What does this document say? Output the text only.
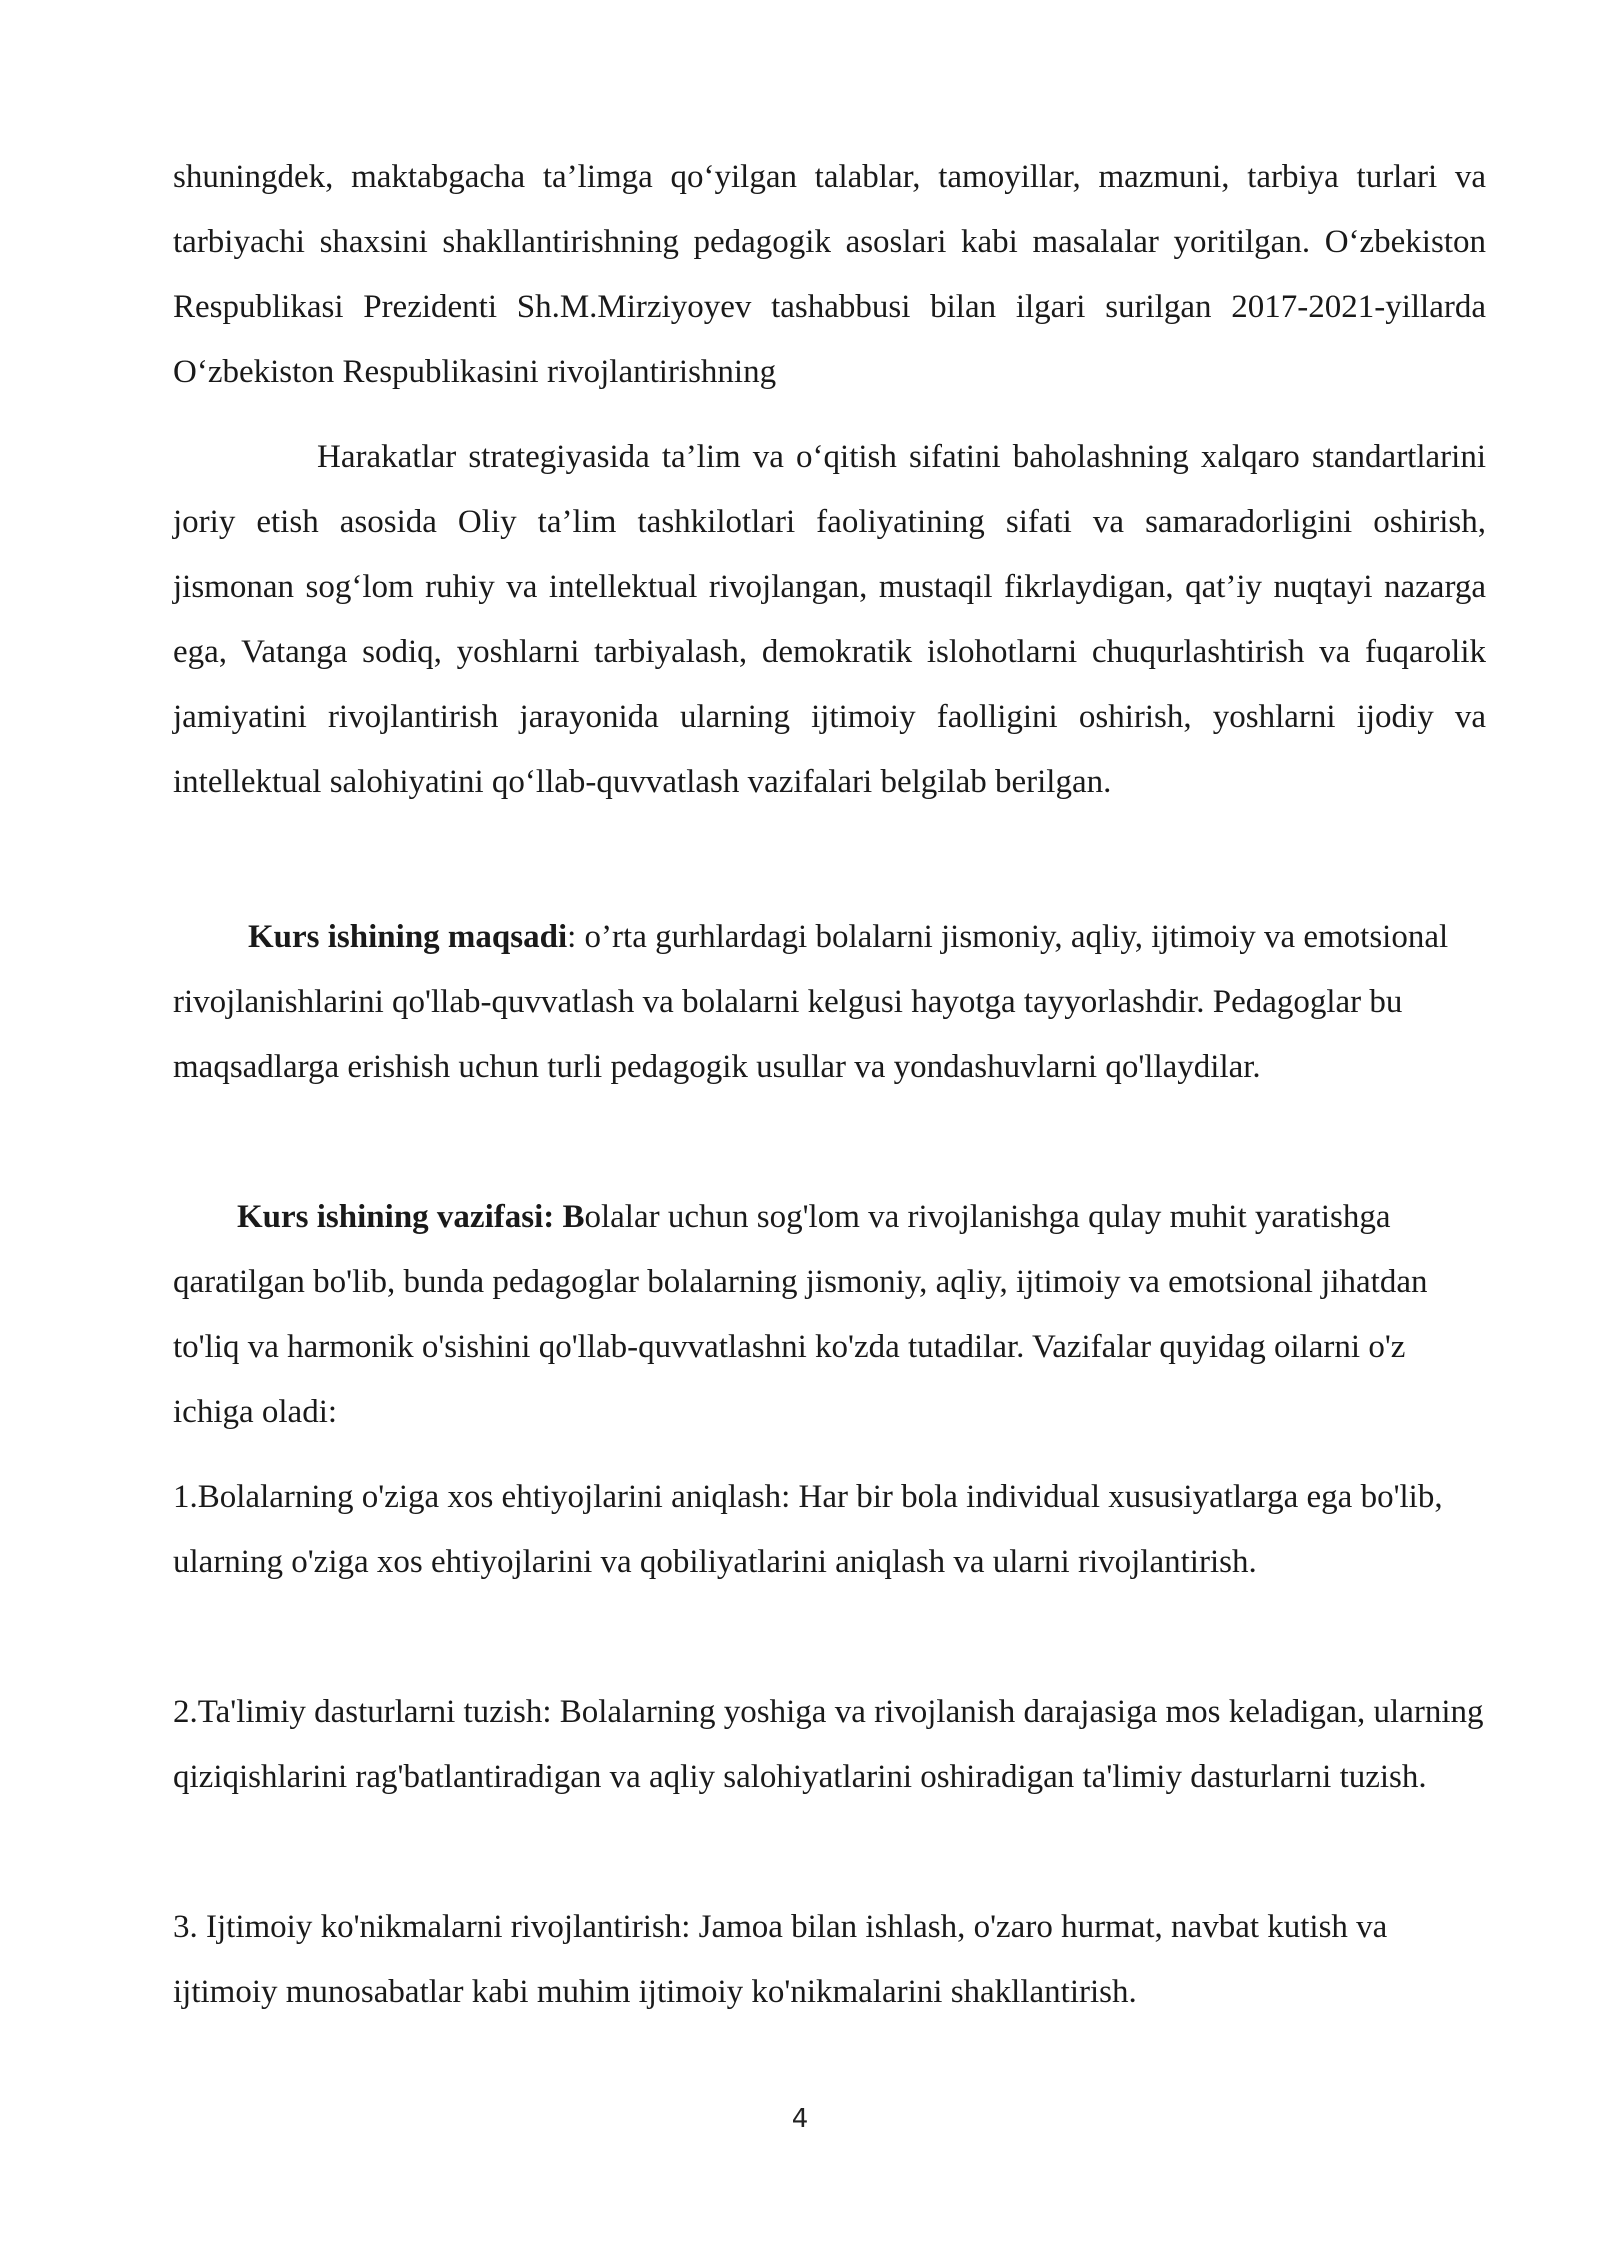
shuningdek, maktabgacha ta’limga qo‘yilgan talablar, tamoyillar, mazmuni, tarbiya turlari va tarbiyachi shaxsini shakllantirishning pedagogik asoslari kabi masalalar yoritilgan. O‘zbekiston Respublikasi Prezidenti Sh.M.Mirziyoyev tashabbusi bilan ilgari surilgan 2017-2021-yillarda O‘zbekiston Respublikasini rivojlantirishning

Harakatlar strategiyasida ta’lim va o‘qitish sifatini baholashning xalqaro standartlarini joriy etish asosida Oliy ta’lim tashkilotlari faoliyatining sifati va samaradorligini oshirish, jismonan sog‘lom ruhiy va intellektual rivojlangan, mustaqil fikrlaydigan, qat’iy nuqtayi nazarga ega, Vatanga sodiq, yoshlarni tarbiyalash, demokratik islohotlarni chuqurlashtirish va fuqarolik jamiyatini rivojlantirish jarayonida ularning ijtimoiy faolligini oshirish, yoshlarni ijodiy va intellektual salohiyatini qo‘llab-quvvatlash vazifalari belgilab berilgan.

Kurs ishining maqsadi: o’rta gurhlardagi bolalarni jismoniy, aqliy, ijtimoiy va emotsional rivojlanishlarini qo'llab-quvvatlash va bolalarni kelgusi hayotga tayyorlashdir. Pedagoglar bu maqsadlarga erishish uchun turli pedagogik usullar va yondashuvlarni qo'llaydilar.

Kurs ishining vazifasi: Bolalar uchun sog'lom va rivojlanishga qulay muhit yaratishga qaratilgan bo'lib, bunda pedagoglar bolalarning jismoniy, aqliy, ijtimoiy va emotsional jihatdan to'liq va harmonik o'sishini qo'llab-quvvatlashni ko'zda tutadilar. Vazifalar quyidag oilarni o'z ichiga oladi:

1.Bolalarning o'ziga xos ehtiyojlarini aniqlash: Har bir bola individual xususiyatlarga ega bo'lib, ularning o'ziga xos ehtiyojlarini va qobiliyatlarini aniqlash va ularni rivojlantirish.

2.Ta'limiy dasturlarni tuzish: Bolalarning yoshiga va rivojlanish darajasiga mos keladigan, ularning qiziqishlarini rag'batlantiradigan va aqliy salohiyatlarini oshiradigan ta'limiy dasturlarni tuzish.

3. Ijtimoiy ko'nikmalarni rivojlantirish: Jamoa bilan ishlash, o'zaro hurmat, navbat kutish va ijtimoiy munosabatlar kabi muhim ijtimoiy ko'nikmalarini shakllantirish.

4
